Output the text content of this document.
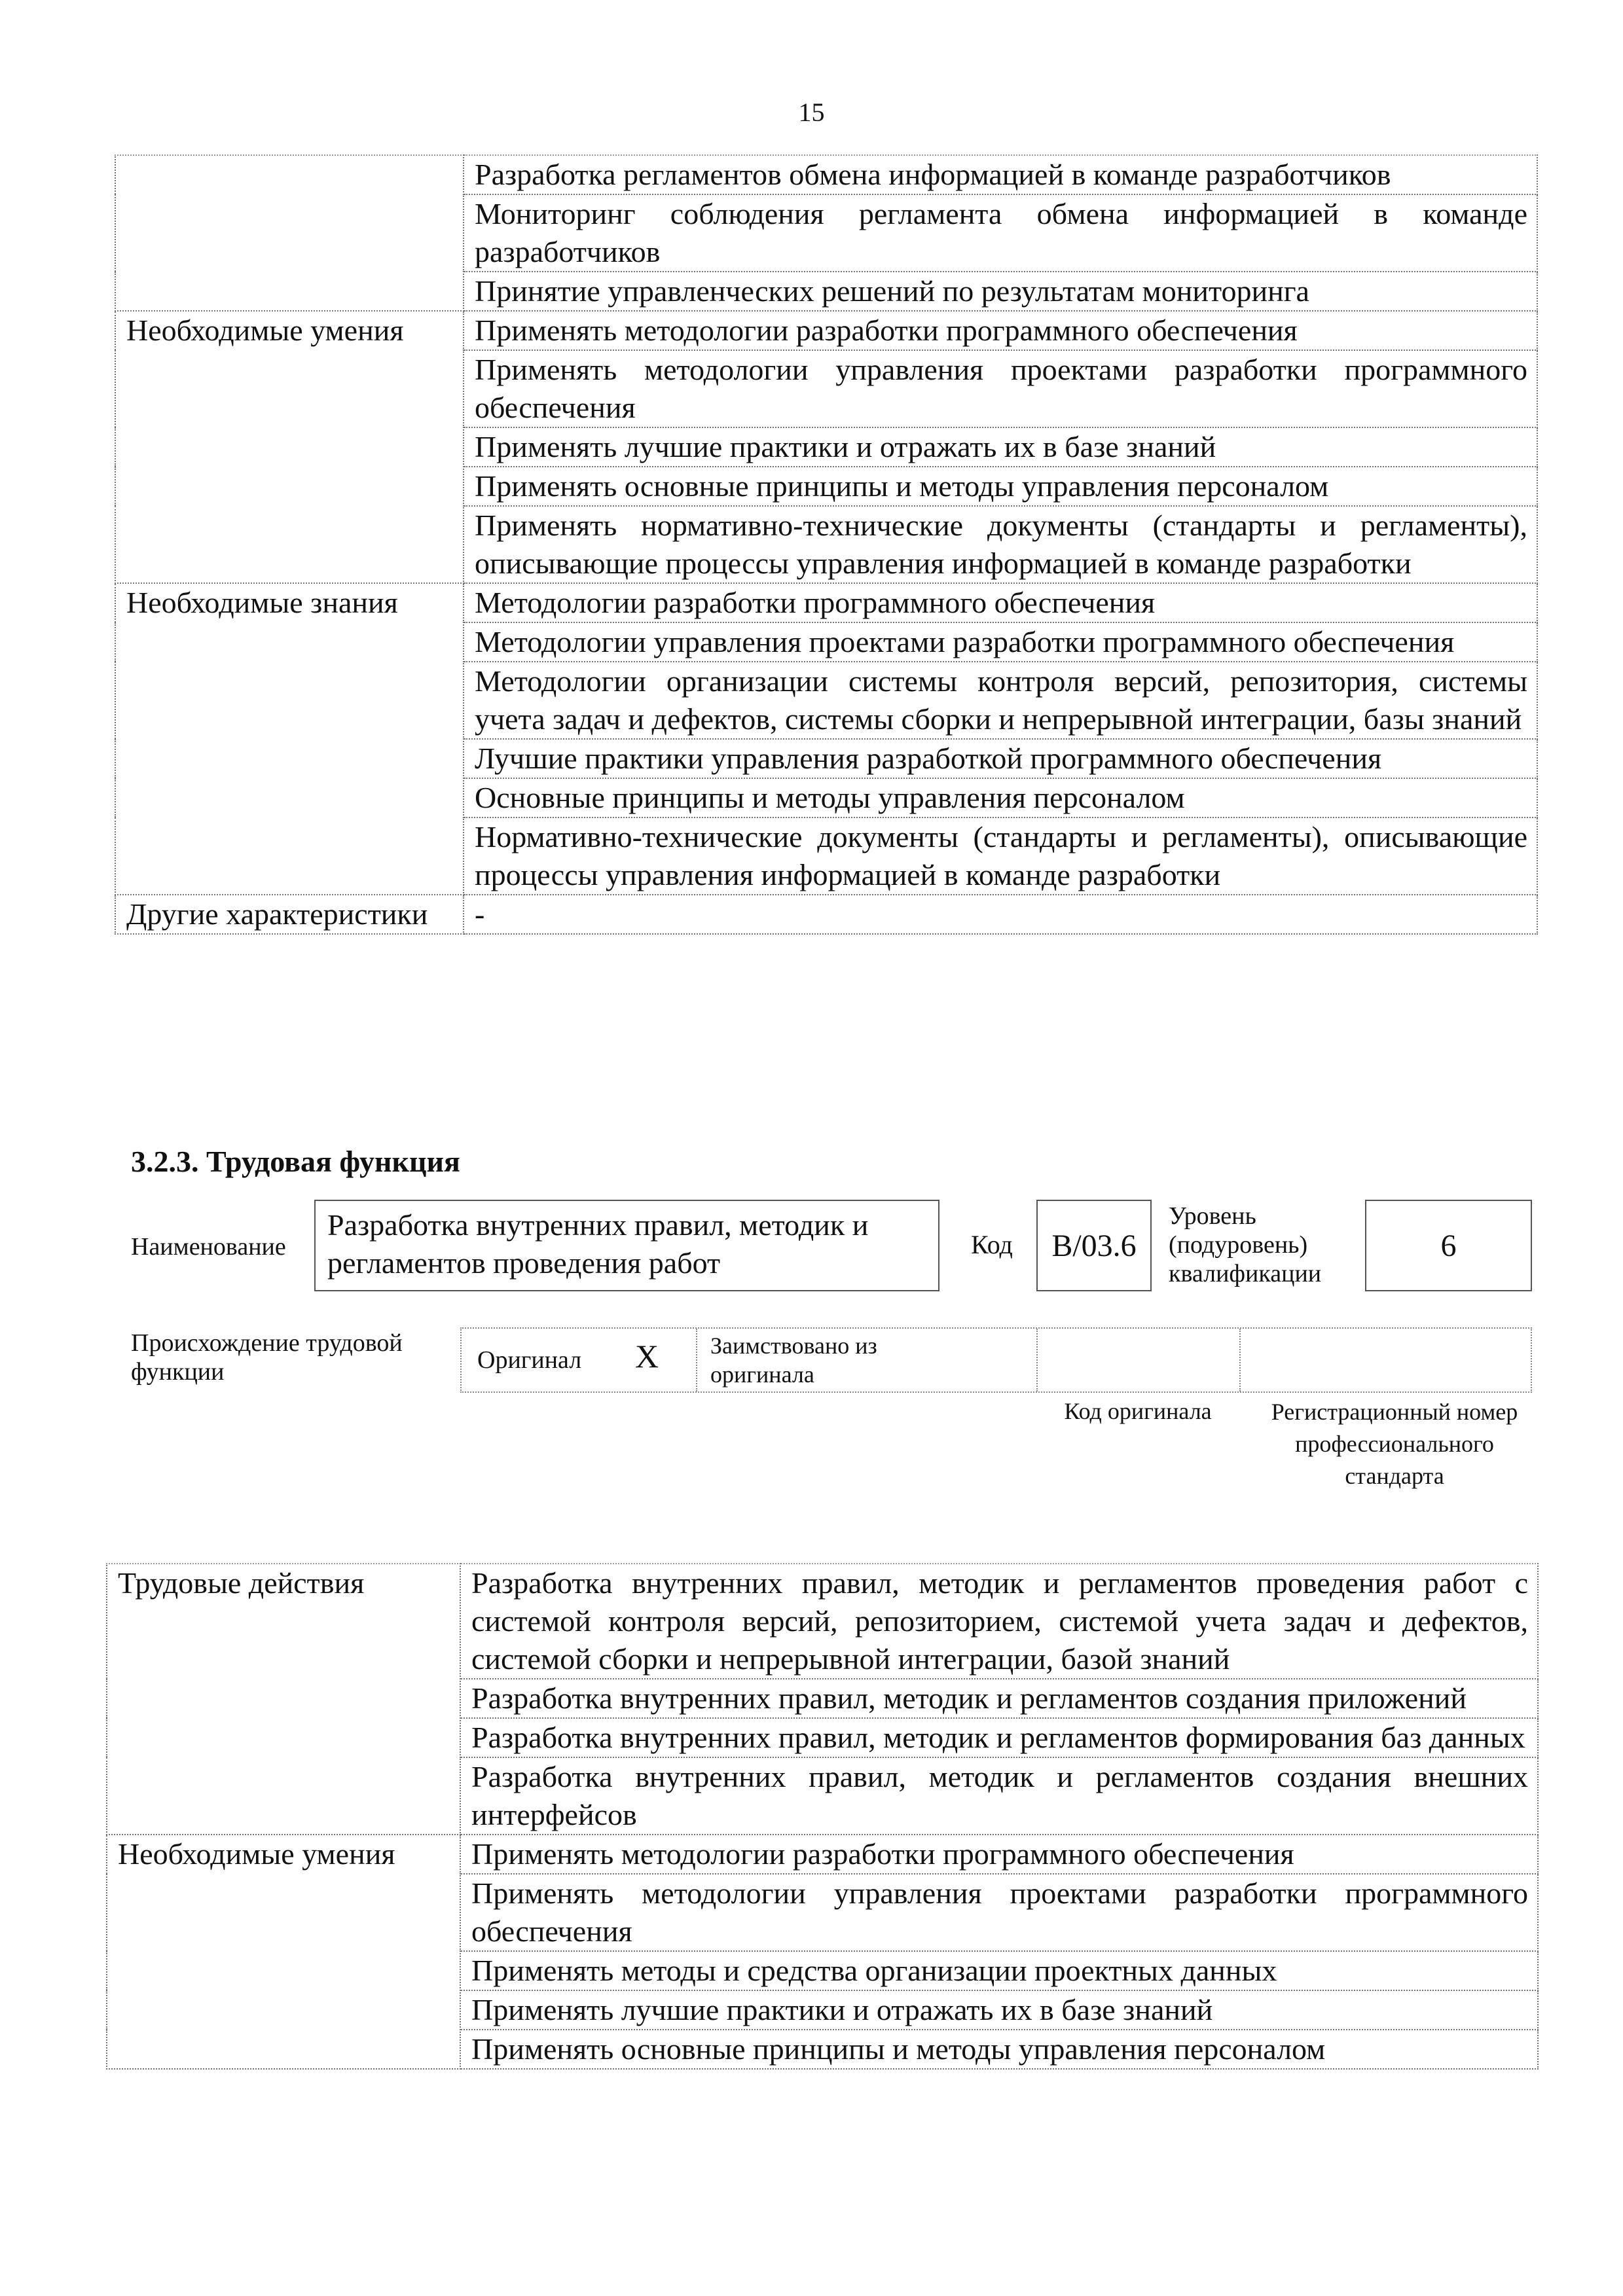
15
	Разработка регламентов обмена информацией в команде разработчиков
	Мониторинг соблюдения регламента обмена информацией в команде разработчиков
	Принятие управленческих решений по результатам мониторинга
Необходимые умения	Применять методологии разработки программного обеспечения
	Применять методологии управления проектами разработки программного обеспечения
	Применять лучшие практики и отражать их в базе знаний
	Применять основные принципы и методы управления персоналом
	Применять нормативно-технические документы (стандарты и регламенты), описывающие процессы управления информацией в команде разработки
Необходимые знания	Методологии разработки программного обеспечения
	Методологии управления проектами разработки программного обеспечения
	Методологии организации системы контроля версий, репозитория, системы учета задач и дефектов, системы сборки и непрерывной интеграции, базы знаний
	Лучшие практики управления разработкой программного обеспечения
	Основные принципы и методы управления персоналом
	Нормативно-технические документы (стандарты и регламенты), описывающие процессы управления информацией в команде разработки
Другие характеристики	-
3.2.3. Трудовая функция
Наименование
Разработка внутренних правил, методик и регламентов проведения работ
Код	B/03.6
Уровень (подуровень) квалификации
6
Происхождение трудовой функции	Оригинал X Заимствовано из оригинала
Код оригинала	Регистрационный номер профессионального стандарта
Трудовые действия	Разработка внутренних правил, методик и регламентов проведения работ с системой контроля версий, репозиторием, системой учета задач и дефектов, системой сборки и непрерывной интеграции, базой знаний
	Разработка внутренних правил, методик и регламентов создания приложений
	Разработка внутренних правил, методик и регламентов формирования баз данных
	Разработка внутренних правил, методик и регламентов создания внешних интерфейсов
Необходимые умения	Применять методологии разработки программного обеспечения
	Применять методологии управления проектами разработки программного обеспечения
	Применять методы и средства организации проектных данных
	Применять лучшие практики и отражать их в базе знаний
	Применять основные принципы и методы управления персоналом
